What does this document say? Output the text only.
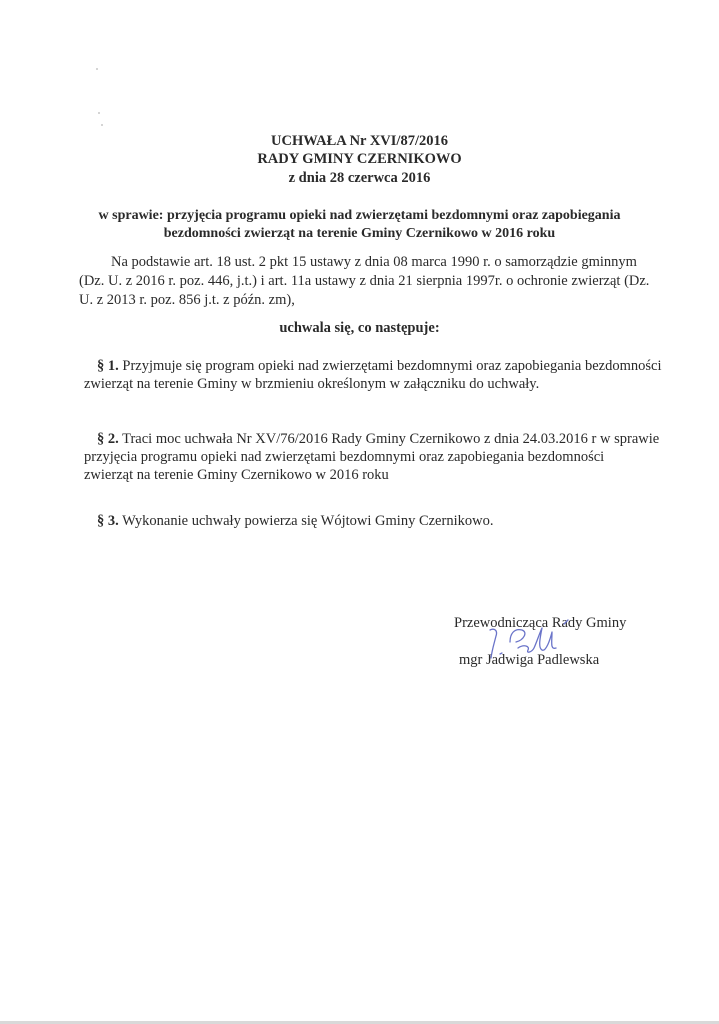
UCHWAŁA Nr XVI/87/2016
RADY GMINY CZERNIKOWO
z dnia 28 czerwca 2016
w sprawie: przyjęcia programu opieki nad zwierzętami bezdomnymi oraz zapobiegania
bezdomności zwierząt na terenie Gminy Czernikowo w 2016 roku
Na podstawie art. 18 ust. 2 pkt 15 ustawy z dnia 08 marca 1990 r. o samorządzie gminnym
(Dz. U. z 2016 r. poz. 446, j.t.) i art. 11a ustawy z dnia 21 sierpnia 1997r. o ochronie zwierząt (Dz.
U. z 2013 r. poz. 856 j.t. z późn. zm),
uchwala się, co następuje:
§ 1. Przyjmuje się program opieki nad zwierzętami bezdomnymi oraz zapobiegania bezdomności
zwierząt na terenie Gminy w brzmieniu określonym w załączniku do uchwały.
§ 2. Traci moc uchwała Nr XV/76/2016 Rady Gminy Czernikowo z dnia 24.03.2016 r w sprawie
przyjęcia programu opieki nad zwierzętami bezdomnymi oraz zapobiegania bezdomności
zwierząt na terenie Gminy Czernikowo w 2016 roku
§ 3. Wykonanie uchwały powierza się Wójtowi Gminy Czernikowo.
Przewodnicząca Rady Gminy
mgr Jadwiga Padlewska
